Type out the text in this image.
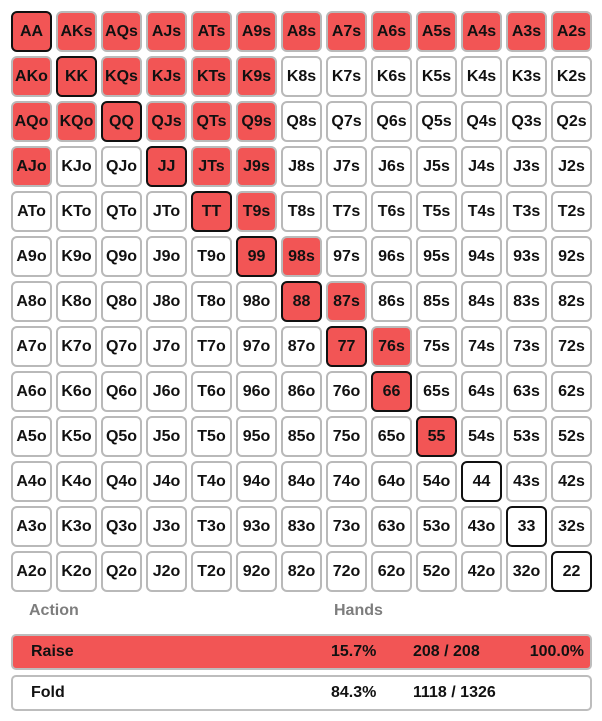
AA	AKs AQs AJs	ATs	A9s A8s A7s A6s A5s A4s A3s A2s
AKo	KK	KQs KJs KTs K9s K8s K7s K6s K5s K4s K3s K2s
AQo KQo QQ	QJs QTs Q9s Q8s Q7s Q6s Q5s Q4s Q3s Q2s
AJo KJo QJo	JJ	JTs	J9s	J8s	J7s	J6s	J5s	J4s	J3s	J2s
ATo KTo QTo JTo	TT	T9s	T8s	T7s	T6s	T5s	T4s	T3s	T2s
A9o K9o Q9o J9o	T9o	99	98s	97s	96s	95s	94s	93s	92s
A8o K8o Q8o J8o	T8o	98o	88	87s	86s	85s	84s	83s	82s
A7o K7o Q7o J7o	T7o	97o	87o	77	76s	75s	74s	73s	72s
A6o K6o Q6o J6o	T6o	96o	86o	76o	66	65s	64s	63s	62s
A5o K5o Q5o J5o	T5o	95o	85o	75o	65o	55	54s	53s	52s
A4o K4o Q4o J4o	T4o	94o	84o	74o	64o	54o	44	43s	42s
A3o K3o Q3o J3o	T3o	93o	83o	73o	63o	53o	43o	33	32s
A2o K2o Q2o J2o	T2o	92o	82o	72o	62o	52o	42o	32o	22
Action	Hands
Raise	15.7% 208 / 208	100.0%
Fold	84.3% 1118 / 1326
